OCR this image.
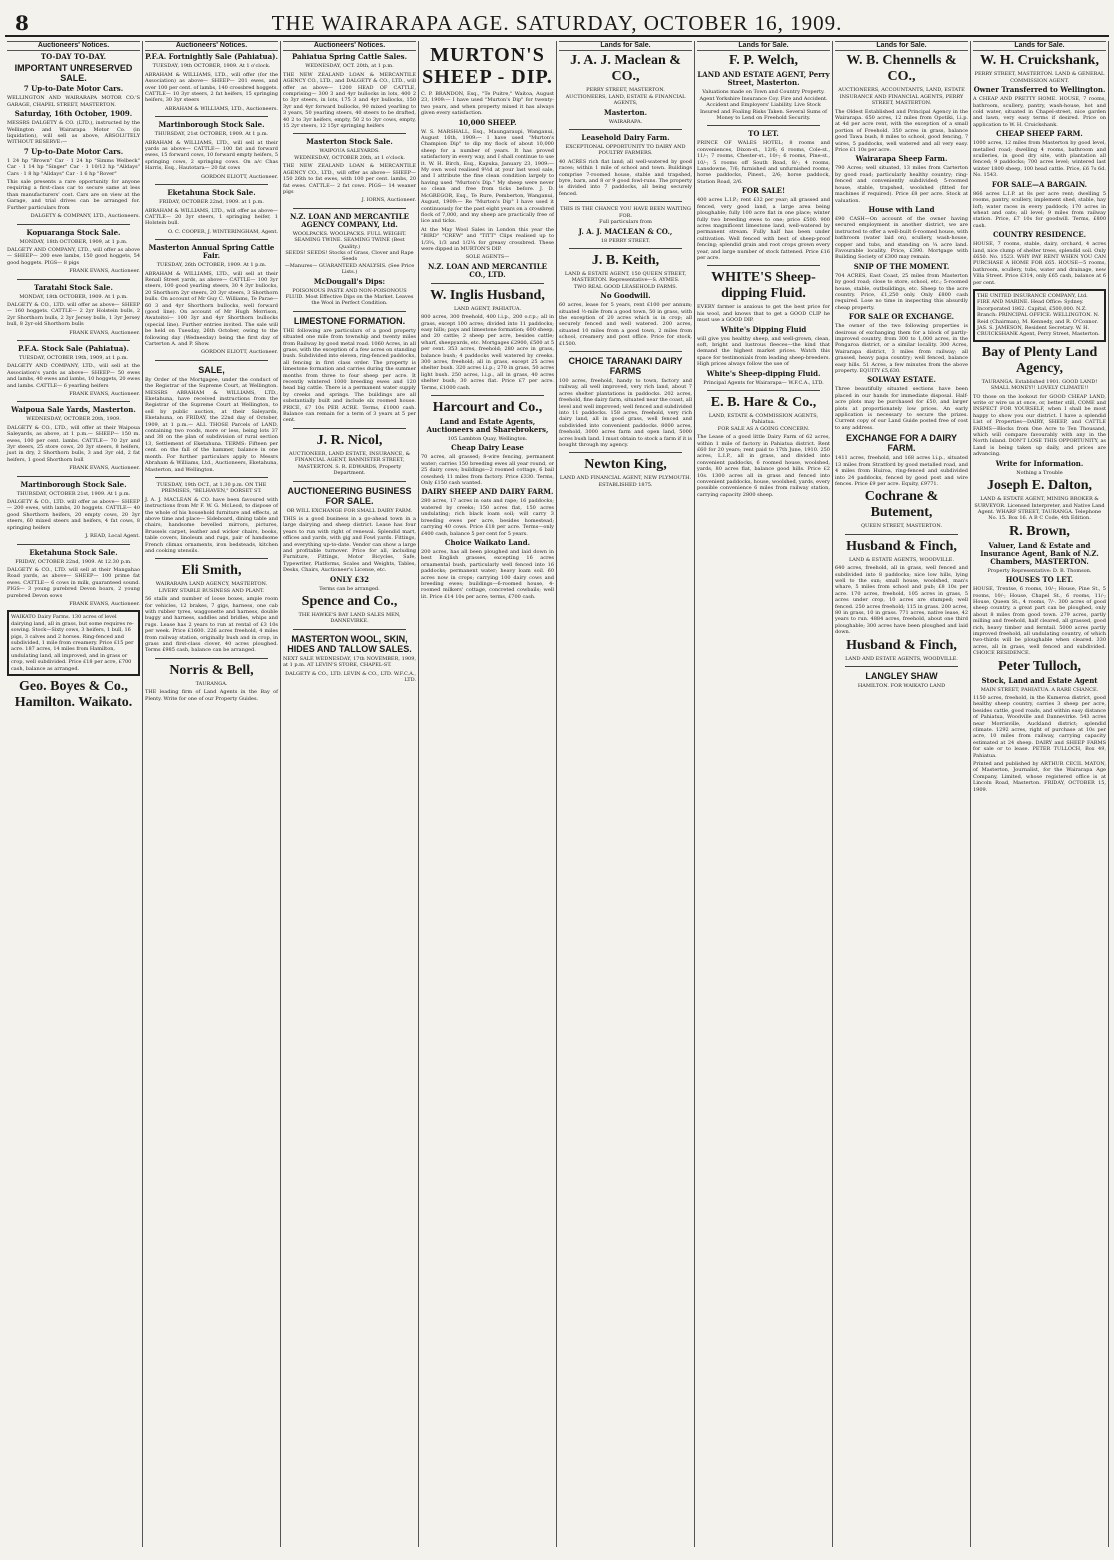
8	THE WAIRARAPA AGE. SATURDAY, OCTOBER 16, 1909.
Auctioneers' Notices.
TO-DAY TO-DAY.
IMPORTANT UNRESERVED SALE.
7 Up-to-Date Motor Cars.
WELLINGTON AND WAIRARAPA MOTOR CO.'S GARAGE, CHAPEL STREET, MASTERTON.
Saturday, 16th October, 1909.
MESSRS DALGETY & CO. (LTD.), instructed by the Wellington and Wairarapa Motor Co. (in liquidation), will sell as above, ABSOLUTELY WITHOUT RESERVE:—
7 Up-to-Date Motor Cars.
1 24 hp "Brown" Car · 1 24 hp "Simms Welbeck" Car · 1 14 hp "Singer" Car · 1 10/12 hp "Alldays" Cars · 1 8 hp "Alldays" Car · 1 6 hp "Rover"
This sale presents a rare opportunity for anyone requiring a first-class car to secure same at less than manufacturers' cost. Cars are on view at the Garage, and trial drives can be arranged for. Further particulars from
DALGETY & COMPANY, LTD., Auctioneers.
Kopuaranga Stock Sale.
MONDAY, 18th OCTOBER, 1909, at 1 p.m.
DALGETY AND COMPANY, LTD., will offer as above— SHEEP— 200 ewe lambs, 150 good hoggets, 54 good hoggets. PIGS— 8 pigs
FRANK EVANS, Auctioneer.
Taratahi Stock Sale.
MONDAY, 18th OCTOBER, 1909. At 1 p.m.
DALGETY & CO., LTD. will offer as above— SHEEP— 160 hoggets. CATTLE— 2 2yr Holstein bulls, 2 2yr Shorthorn bulls, 2 3yr Jersey bulls, 1 3yr Jersey bull, 8 2yr-old Shorthorn bulls
FRANK EVANS, Auctioneer.
P.F.A. Stock Sale (Pahiatua).
TUESDAY, OCTOBER 19th, 1909, at 1 p.m.
DALGETY AND COMPANY, LTD., will sell at the Association's yards as above— SHEEP— 50 ewes and lambs, 40 ewes and lambs, 10 hoggets, 20 ewes and lambs. CATTLE— 6 yearling heifers
FRANK EVANS, Auctioneer.
Waipoua Sale Yards, Masterton.
WEDNESDAY, OCTOBER 20th, 1909.
DALGETY & CO., LTD., will offer at their Waipoua Saleyards, as above, at 1 p.m.— SHEEP— 150 m. ewes, 100 per cent. lambs. CATTLE— 70 2yr and 3yr steers, 25 store cows, 20 3yr steers, 8 heifers, just in dry, 2 Shorthorn bulls, 3 and 3yr old, 2 fat heifers, 1 good Shorthorn bull
FRANK EVANS, Auctioneer.
Martinborough Stock Sale.
THURSDAY, OCTOBER 21st, 1909. At 1 p.m.
DALGETY & CO., LTD. will offer as above— SHEEP— 200 ewes, with lambs, 20 hoggets. CATTLE— 40 good Shorthorn heifers, 20 empty cows, 20 3yr steers, 60 mixed steers and heifers, 4 fat cows, 8 springing heifers
J. READ, Local Agent.
Eketahuna Stock Sale.
FRIDAY, OCTOBER 22nd, 1909. At 12.30 p.m.
DALGETY & CO., LTD. will sell at their Mangahao Road yards, as above— SHEEP— 100 prime fat ewes. CATTLE— 6 cows in milk, guaranteed sound. PIGS— 3 young purebred Devon boars, 2 young purebred Devon sows
FRANK EVANS, Auctioneer.
WAIKATO Dairy Farms. 130 acres of level dairying land, all in grass, but some requires re-sowing. Stock—Sixty cows, 3 heifers, 1 bull, 16 pigs, 3 calves and 2 horses. Ring-fenced and subdivided, 1 mile from creamery. Price £15 per acre. 187 acres, 14 miles from Hamilton, undulating land, all improved, and in grass or crop, well subdivided. Price £18 per acre, £700 cash, balance as arranged.
Geo. Boyes & Co., Hamilton. Waikato.
Auctioneers' Notices.
P.F.A. Fortnightly Sale (Pahiatua).
TUESDAY, 19th OCTOBER, 1909. At 1 o'clock.
ABRAHAM & WILLIAMS, LTD., will offer (for the Association) as above— SHEEP— 201 ewes, and over 100 per cent. of lambs, 140 crossbred hoggets. CATTLE— 10 3yr steers, 2 fat heifers, 15 springing heifers, 30 3yr steers
ABRAHAM & WILLIAMS, LTD., Auctioneers.
Martinborough Stock Sale.
THURSDAY, 21st OCTOBER, 1909. At 1 p.m.
ABRAHAM & WILLIAMS, LTD., will sell at their yards as above— CATTLE— 100 fat and forward ewes, 15 forward cows, 10 forward empty heifers, 5 springing cows, 2 springing cows. On a/c Chas Harris, Esq., Hautotara— 20 fat cows
GORDON ELIOTT, Auctioneer.
Eketahuna Stock Sale.
FRIDAY, OCTOBER 22nd, 1909. at 1 p.m.
ABRAHAM & WILLIAMS, LTD., will offer as above— CATTLE— 20 3yr steers, 1 springing heifer, 1 Holstein bull.
O. C. COOPER, J. WINTERINGHAM, Agent.
Masterton Annual Spring Cattle Fair.
TUESDAY, 26th OCTOBER, 1909. At 1 p.m.
ABRAHAM & WILLIAMS, LTD., will sell at their Renall Street yards, as above— CATTLE— 100 3yr steers, 100 good yearling steers, 30 4 3yr bullocks, 20 Shorthorn 2yr steers, 20 3yr steers, 3 Shorthorn bulls. On account of Mr Guy C. Williams, Te Parae— 60 3 and 4yr Shorthorn bullocks, well forward (good line). On account of Mr Hugh Morrison, Awatoitoi— 100 3yr and 4yr Shorthorn bullocks (special line). Further entries invited. The sale will be held on Tuesday, 26th October, owing to the following day (Wednesday) being the first day of Carterton A. and P. Show.
GORDON ELIOTT, Auctioneer.
SALE,
By Order of the Mortgagee, under the conduct of the Registrar of the Supreme Court, at Wellington. MESSRS ABRAHAM & WILLIAMS, LTD., Eketahuna, have received instructions from the Registrar of the Supreme Court at Wellington, to sell by public auction, at their Saleyards, Eketahuna, on FRIDAY, the 22nd day of October, 1909, at 1 p.m.— ALL THOSE Parcels of LAND, containing two roods, more or less, being lots 37 and 38 on the plan of subdivision of rural section 13, Settlement of Eketahuna. TERMS: Fifteen per cent. on the fall of the hammer, balance in one month. For further particulars apply to Messrs Abraham & Williams, Ltd., Auctioneers, Eketahuna, Masterton, and Wellington.
TUESDAY, 19th OCT., at 1.30 p.m. ON THE PREMISES, "BELHAVEN," DORSET ST.
J. A. J. MACLEAN & CO. have been favoured with instructions from Mr F. W. G. McLeod, to dispose of the whole of his household furniture and effects, at above time and place— Sideboard, dining table and chairs, handsome bevelled mirrors, pictures, Brussels carpet, leather and wicker chairs, books, table covers, linoleum and rugs, pair of handsome French climax ornaments, iron bedsteads, kitchen and cooking utensils.
Eli Smith,
WAIRARAPA LAND AGENCY, MASTERTON.
LIVERY STABLE BUSINESS AND PLANT.
56 stalls and number of loose boxes, ample room for vehicles, 12 brakes, 7 gigs, harness, one cab with rubber tyres, waggonette and harness, double buggy and harness, saddles and bridles, whips and rugs. Lease has 2 years to run at rental of £3 10s per week. Price £1600. 226 acres freehold, 4 miles from railway station, originally bush and in crop, in grass and first-class clover, 40 acres ploughed. Terms £985 cash, balance can be arranged.
Norris & Bell,
TAURANGA.
THE leading firm of Land Agents in the Bay of Plenty. Write for one of our Property Guides.
Auctioneers' Notices.
Pahiatua Spring Cattle Sales.
WEDNESDAY, OCT. 20th, at 1 p.m.
THE NEW ZEALAND LOAN & MERCANTILE AGENCY CO., LTD., and DALGETY & CO., LTD., will offer as above— 1200 HEAD OF CATTLE, comprising— 300 3 and 4yr bullocks in lots, 400 2 to 3yr steers, in lots, 175 3 and 4yr bullocks, 150 3yr and 4yr forward bullocks, 90 mixed yearling to 3 years, 50 yearling steers, 40 steers to be drafted, 40 2 to 3yr heifers, empty, 50 2 to 3yr cows, empty, 15 2yr steers, 12 15yr springing heifers
Masterton Stock Sale.
WAIPOUA SALEYARDS.
WEDNESDAY, OCTOBER 20th, at 1 o'clock.
THE NEW ZEALAND LOAN & MERCANTILE AGENCY CO., LTD., will offer as above— SHEEP— 150 26th to fat ewes, with 100 per cent. lambs, 20 fat ewes. CATTLE— 2 fat cows. PIGS— 14 weaner pigs
J. IORNS, Auctioneer.
N.Z. LOAN AND MERCANTILE AGENCY COMPANY, Ltd.
WOOLPACKS. WOOLPACKS. FULL WEIGHT. SEAMING TWINE. SEAMING TWINE (Best Quality.)
SEEDS! SEEDS! Stocks of Grass, Clover and Rape Seeds
—Manures— GUARANTEED ANALYSIS. (See Price Lists.)
McDougall's Dips:
POISONOUS PASTE AND NON-POISONOUS FLUID. Most Effective Dips on the Market. Leaves the Wool in Perfect Condition.
LIMESTONE FORMATION.
THE following are particulars of a good property situated one mile from township and twenty miles from Railway by good metal road. 1060 Acres, in all grass, with the exception of a few acres on standing bush. Subdivided into eleven, ring-fenced paddocks, all fencing in first class order. The property is limestone formation and carries during the summer months from three to four sheep per acre. It recently wintered 1000 breeding ewes and 120 head big cattle. There is a permanent water supply by creeks and springs. The buildings are all substantially built and include six roomed house. PRICE, £7 10s PER ACRE. Terms, £1000 cash. Balance can remain for a term of 3 years at 5 per cent.
J. R. Nicol,
AUCTIONEER, LAND ESTATE, INSURANCE, & FINANCIAL AGENT, BANNISTER STREET, MASTERTON. S. R. EDWARDS, Property Department.
AUCTIONEERING BUSINESS FOR SALE.
OR WILL EXCHANGE FOR SMALL DAIRY FARM.
THIS is a good business in a go-ahead town in a large dairying and sheep district. Lease has four years to run with right of renewal. Splendid mart, offices and yards, with gig and Fowl yards. Fittings, and everything up-to-date. Vendor can show a large and profitable turnover. Price for all, including Furniture, Fittings, Motor Bicycles, Safe, Typewriter, Platforms, Scales and Weights, Tables, Desks, Chairs, Auctioneer's License, etc.
ONLY £32
Terms can be arranged.
Spence and Co.,
THE HAWKE'S BAY LAND SALES MEN, DANNEVIRKE.
MASTERTON WOOL, SKIN, HIDES AND TALLOW SALES.
NEXT SALE WEDNESDAY, 17th NOVEMBER, 1909, at 1 p.m. AT LEVIN'S STORE, CHAPEL-ST.
DALGETY & CO., LTD. LEVIN & CO., LTD. W.F.C.A., LTD.
MURTON'S SHEEP - DIP.
C. P. BRANDON, Esq., "Te Puitre," Waitoa, August 23, 1909:— I have used "Murton's Dip" for twenty-two years, and when property mixed it has always given every satisfaction.
10,000 SHEEP.
W. S. MARSHALL, Esq., Maungaraupi, Wanganui, August 16th, 1909:— I have used "Murton's Champion Dip" to dip my flock of about 10,000 sheep for a number of years. It has proved satisfactory in every way, and I shall continue to use it. W. H. Birch, Esq., Kapuka, January 23, 1909:— My own wool realised 9½d at your last wool sale, and I attribute the fine clean condition largely to having used "Murton's Dip." My sheep were never so clean and free from ticks before. J. D. McGREGOR, Esq., Te Rure, Pemberton, Wanganui, August, 1909:— Re "Murton's Dip" I have used it continuously for the past eight years on a crossbred flock of 7,000, and my sheep are practically free of lice and ticks.
At the May Wool Sales in London this year the "BIRD" "CREW" and "TITT" Clips realised up to 1/3¼, 1/3 and 1/2¼ for greasy crossbred. These were dipped in MURTON'S DIP.
SOLE AGENTS—
N.Z. LOAN AND MERCANTILE CO., LTD.
W. Inglis Husband,
LAND AGENT, PAHIATUA.
800 acres, 300 freehold, 400 l.i.p., 200 o.r.p.; all in grass, except 100 acres; divided into 11 paddocks; easy hills; pays and limestone formation; 600 sheep, and 20 cattle; 2 sheep per acre, besides cattle; wharf, sheepyards, etc. Mortgages £2900, £500 at 5 per cent. 353 acres, freehold; 280 acre in grass, balance bush; 4 paddocks well watered by creeks. 300 acres, freehold; all in grass, except 25 acres shelter bush. 320 acres l.i.p.; 270 in grass, 50 acres light bush. 250 acres, l.i.p., all in grass, 40 acres shelter bush; 30 acres flat. Price £7 per acre. Terms, £1000 cash.
Harcourt and Co.,
Land and Estate Agents, Auctioneers and Sharebrokers,
105 Lambton Quay, Wellington.
Cheap Dairy Lease
70 acres, all grassed; 8-wire fencing, permanent water; carries 150 breeding ewes all year round, or 25 dairy cows; buildings—2 roomed cottage, 6 bail cowshed; 11 miles from factory. Price £330. Terms, Only £150 cash wanted.
DAIRY SHEEP AND DAIRY FARM.
280 acres, 17 acres in oats and rape; 16 paddocks; watered by creeks; 150 acres flat, 150 acres undulating; rich black loam soil; will carry 3 breeding ewes per acre, besides homestead; carrying 40 cows. Price £18 per acre. Terms—only £400 cash, balance 5 per cent for 5 years.
Choice Waikato Land.
200 acres, has all been ploughed and laid down in best English grasses, excepting 16 acres ornamental bush, particularly well fenced into 16 paddocks; permanent water; heavy loam soil. 60 acres now in crops; carrying 100 dairy cows and breeding ewes; buildings—6-roomed house, 4-roomed milkers' cottage, concreted cowbails; well lit. Price £14 10s per acre; terms, £700 cash.
Lands for Sale.
J. A. J. Maclean & CO.,
PERRY STREET, MASTERTON.
AUCTIONEERS, LAND, ESTATE & FINANCIAL AGENTS,
Masterton.
WAIRARAPA.
Leasehold Dairy Farm.
EXCEPTIONAL OPPORTUNITY TO DAIRY AND POULTRY FARMERS.
40 ACRES rich flat land; all well-watered by good races; within 1 mile of school and town. Buildings comprise 7-roomed house, stable and trapshed, byre, barn, and 8 or 9 good fowl-runs. The property is divided into 7 paddocks, all being securely fenced.
THIS IS THE CHANCE YOU HAVE BEEN WAITING FOR.
Full particulars from
J. A. J. MACLEAN & CO.,
18 PERRY STREET.
J. B. Keith,
LAND & ESTATE AGENT, 150 QUEEN STREET, MASTERTON. Representative—S. AYMES.
TWO REAL GOOD LEASEHOLD FARMS.
No Goodwill.
60 acres, lease for 5 years, rent £100 per annum; situated ½-mile from a good town, 50 in grass, with the exception of 20 acres which is in crop; all securely fenced and well watered. 200 acres, situated 10 miles from a good town, 2 miles from school, creamery and post office. Price for stock, £1500.
CHOICE TARANAKI DAIRY FARMS
100 acres, freehold, handy to town, factory and railway, all well improved, very rich land, about 7 acres shelter plantations in paddocks. 202 acres, freehold, fine dairy farm, situated near the coast, all level and well improved; well fenced and subdivided into 11 paddocks. 158 acres, freehold, very rich dairy land, all in good grass, well fenced and subdivided into convenient paddocks. 8000 acres, freehold, 3000 acres farm and open land, 5000 acres bush land. I must obtain to stock a farm if it is bought through my agency.
Newton King,
LAND AND FINANCIAL AGENT, NEW PLYMOUTH. ESTABLISHED 1875.
Lands for Sale.
F. P. Welch,
LAND AND ESTATE AGENT, Perry Street, Masterton.
Valuations made on Town and Country Property. Agent Yorkshire Insurance Coy. Fire and Accident. Accident and Employers' Liability. Live Stock Insured and Foaling Risks Taken. Several Sums of Money to Lend on Freehold Security.
TO LET.
PRINCE OF WALES HOTEL; 8 rooms and conveniences, Dixon-st., 12/6; 6 rooms, Cole-st., 11/-; 7 rooms, Chester-st., 10/-; 6 rooms, Pine-st., 10/-; 5 rooms off South Road, 8/-; 4 rooms, Lansdowne, 7/6; furnished and unfurnished rooms; horse paddocks, Pinest., 2/6; horse paddock, Station Road, 2/6.
FOR SALE!
400 acres L.I.P.; rent £32 per year; all grassed and fenced, very good land, a large area being ploughable; fully 100 acre flat in one place; winter fully two breeding ewes to one; price £500. 900 acres magnificent limestone land, well-watered by permanent stream. Fully half has been under cultivation. Well fenced with best of sheep-proof fencing; splendid grain and root crops grown every year, and large number of stock fattened. Price £16 per acre.
WHITE'S Sheep-dipping Fluid.
EVERY farmer is anxious to get the best price for his wool, and knows that to get a GOOD CLIP he must use a GOOD DIP.
White's Dipping Fluid
will give you healthy sheep, and well-grown, clean, soft, bright and lustrous fleeces—the kind that demand the highest market prices. Watch this space for testimonials from leading sheep-breeders. High prices always follow the use of
White's Sheep-dipping Fluid.
Principal Agents for Wairarapa— W.F.C.A., LTD.
E. B. Hare & Co.,
LAND, ESTATE & COMMISSION AGENTS, Pahiatua.
FOR SALE AS A GOING CONCERN.
The Lease of a good little Dairy Farm of 62 acres, within 1 mile of factory in Pahiatua district. Rent £60 for 20 years; rent paid to 17th June, 1910. 250 acres, L.I.P., all in grass, and divided into convenient paddocks, 6 roomed house, woolshed, yards, 80 acres flat, balance good hills. Price £2 10s. 1300 acres all in grass and fenced into convenient paddocks, house, woolshed, yards, every possible convenience 6 miles from railway station, carrying capacity 2800 sheep.
Lands for Sale.
W. B. Chennells & CO.,
AUCTIONEERS, ACCOUNTANTS, LAND, ESTATE INSURANCE AND FINANCIAL AGENTS, PERRY STREET, MASTERTON.
The Oldest Established and Principal Agency in the Wairarapa. 650 acres, 12 miles from Opotiki, l.i.p. at 4d per acre rent, with the exception of a small portion of Freehold. 350 acres in grass, balance good Tawa bush, 8 miles to school, good fencing, 7 wires, 5 paddocks, well watered and all very easy. Price £1 10s per acre.
Wairarapa Sheep Farm.
790 Acres; well situated, 13 miles from Carterton by good road; particularly healthy country; ring-fenced and conveniently subdivided; 5-roomed house, stable, trapshed, woolshed (fitted for machines if required). Price £8 per acre. Stock at valuation.
House with Land
£90 CASH—On account of the owner having secured employment in another district, we are instructed to offer a well-built 6-roomed house, with bathroom (water laid on), scullery, wash-house, copper and tubs, and standing on ¼ acre land. Favourable locality. Price, £390. Mortgage with Building Society of £300 may remain.
SNIP OF THE MOMENT.
704 ACRES, East Coast, 25 miles from Masterton by good road; close to store, school, etc.; 5-roomed house, stable, outbuildings, etc. Sheep to the acre country. Price, £1,250 only. Only £800 cash required. Lose no time in inspecting this absurdly cheap property.
FOR SALE OR EXCHANGE.
The owner of the two following properties is desirous of exchanging them for a block of partly-improved country, from 300 to 1,000 acres, in the Pongaroa district, or a similar locality. 300 Acres, Wairarapa district, 3 miles from railway; all grassed, heavy papa country; well fenced, balance easy hills. 51 Acres, a few minutes from the above property. EQUITY £5,630.
SOLWAY ESTATE.
Three beautifully situated sections have been placed in our hands for immediate disposal. Half-acre plots may be purchased for £50, and larger plots at proportionately low prices. An early application is necessary to secure the prizes. Current copy of our Land Guide posted free of cost to any address.
EXCHANGE FOR A DAIRY FARM.
1411 acres, freehold, and 168 acres l.i.p., situated 13 miles from Stratford by good metalled road, and 4 miles from Huiroa, ring-fenced and subdivided into 24 paddocks, fenced by good post and wire fences. Price £9 per acre. Equity, £9771.
Cochrane & Butement,
QUEEN STREET, MASTERTON.
Husband & Finch,
LAND & ESTATE AGENTS, WOODVILLE.
640 acres, freehold, all in grass, well fenced and subdivided into 8 paddocks; nice low hills, lying well to the sun; small house, woolshed, man's whare, 5 miles from school and pub; £8 10s per acre. 170 acres, freehold, 105 acres in grass, 5 acres under crop, 10 acres are stumped; well fenced. 250 acres freehold; 115 in grass. 200 acres, 80 in grass, 10 in grass. 771 acres, native lease, 42 years to run. 4884 acres, freehold, about one third ploughable; 300 acres have been ploughed and laid down.
Husband & Finch,
LAND AND ESTATE AGENTS, WOODVILLE.
LANGLEY SHAW
HAMILTON. FOR WAIKATO LAND
Lands for Sale.
W. H. Cruickshank,
PERRY STREET, MASTERTON. LAND & GENERAL COMMISSION AGENT.
Owner Transferred to Wellington.
A CHEAP AND PRETTY HOME. HOUSE, 7 rooms, bathroom, scullery, pantry, wash-house, hot and cold water, situated in Chapel-street, nice garden and lawn, very easy terms if desired. Price on application to W. H. Cruickshank.
CHEAP SHEEP FARM.
1000 acres, 12 miles from Masterton by good level, metalled road; dwelling 4 rooms, bathroom and sculleries, in good dry site, with plantation all fenced; 9 paddocks; 700 acres level; wintered last winter 1800 sheep, 100 head cattle. Price, £6 7s 6d. No. 1543.
FOR SALE—A BARGAIN.
866 acres L.I.P. at 8s per acre rent; dwelling 5 rooms, pantry, scullery, implement shed, stable, hay loft; water races in every paddock; 170 acres in wheat and oats; all level; 9 miles from railway station. Price, £7 10s for goodwill. Terms, £800 cash.
COUNTRY RESIDENCE.
HOUSE, 7 rooms, stable, dairy, orchard, 4 acres land, nice clump of shelter trees, splendid soil. Only £650. No. 1523. WHY PAY RENT WHEN YOU CAN PURCHASE A HOME FOR £65. HOUSE—5 rooms, bathroom, scullery, tubs, water and drainage, new Villa Street. Price £314, only £65 cash, balance at 6 per cent.
THE UNITED INSURANCE COMPANY, Ltd. FIRE AND MARINE. Head Office: Sydney. Incorporated 1862. Capital, £500,000. N.Z. Branch: PRINCIPAL OFFICE: WELLINGTON. N. Reid (Chairman), M. Kennedy, and R. O'Connor. JAS. S. JAMESON, Resident Secretary. W. H. CRUICKSHANK Agent, Perry Street, Masterton.
Bay of Plenty Land Agency,
TAURANGA. Established 1901. GOOD LAND! SMALL MONEY!! LOVELY CLIMATE!!
TO those on the lookout for GOOD CHEAP LAND, write or wire us at once, or, better still, COME and INSPECT FOR YOURSELF, when I shall be most happy to show you our district. I have a splendid List of Properties—DAIRY, SHEEP, and CATTLE FARMS—Blocks from One Acre to Ten Thousand, which will compare favourably with any in the North Island. DON'T LOSE THIS OPPORTUNITY, as Land is being taken up daily, and prices are advancing.
Write for Information.
Nothing a Trouble
Joseph E. Dalton,
LAND & ESTATE AGENT, MINING BROKER & SURVEYOR. Licensed Interpreter, and Native Land Agent. WHARF STREET, TAURANGA. Telephone No. 15. Box 16. A B C Code, 4th Edition.
R. Brown,
Valuer, Land & Estate and Insurance Agent, Bank of N.Z. Chambers, MASTERTON.
Property Representative: D. B. Thomson.
HOUSES TO LET.
HOUSE, Trentse, 6 rooms, 10/-; House, Pine St., 5 rooms, 10/-; House, Chapel St., 6 rooms, 11/-; House, Queen St., 4 rooms, 7/-. 300 acres of good sheep country, a great part can be ploughed, only about 8 miles from good town. 279 acres, partly milling and freehold, half cleared, all grassed, good rich, heavy timber and ferntail. 5000 acres partly improved freehold, all undulating country, of which two-thirds will be ploughable when cleared. 330 acres, all in grass, well fenced and subdivided. CHOICE RESIDENCE.
Peter Tulloch,
Stock, Land and Estate Agent
MAIN STREET, PAHIATUA. A RARE CHANCE.
1150 acres, freehold, in the Kumeroa district, good healthy sheep country, carries 3 sheep per acre, besides cattle, good roads, and within easy distance of Pahiatua, Woodville and Dannevirke. 543 acres near Morrisville, Auckland district; splendid climate. 1292 acres, right of purchase at 10s per acre, 10 miles from railway, carrying capacity estimated at 24 sheep. DAIRY and SHEEP FARMS for sale or to lease. PETER TULLOCH, Box 49, Pahiatua.
Printed and published by ARTHUR CECIL MATON, of Masterton, Journalist, for the Wairarapa Age Company, Limited, whose registered office is at Lincoln Road, Masterton. FRIDAY, OCTOBER 15, 1909.
